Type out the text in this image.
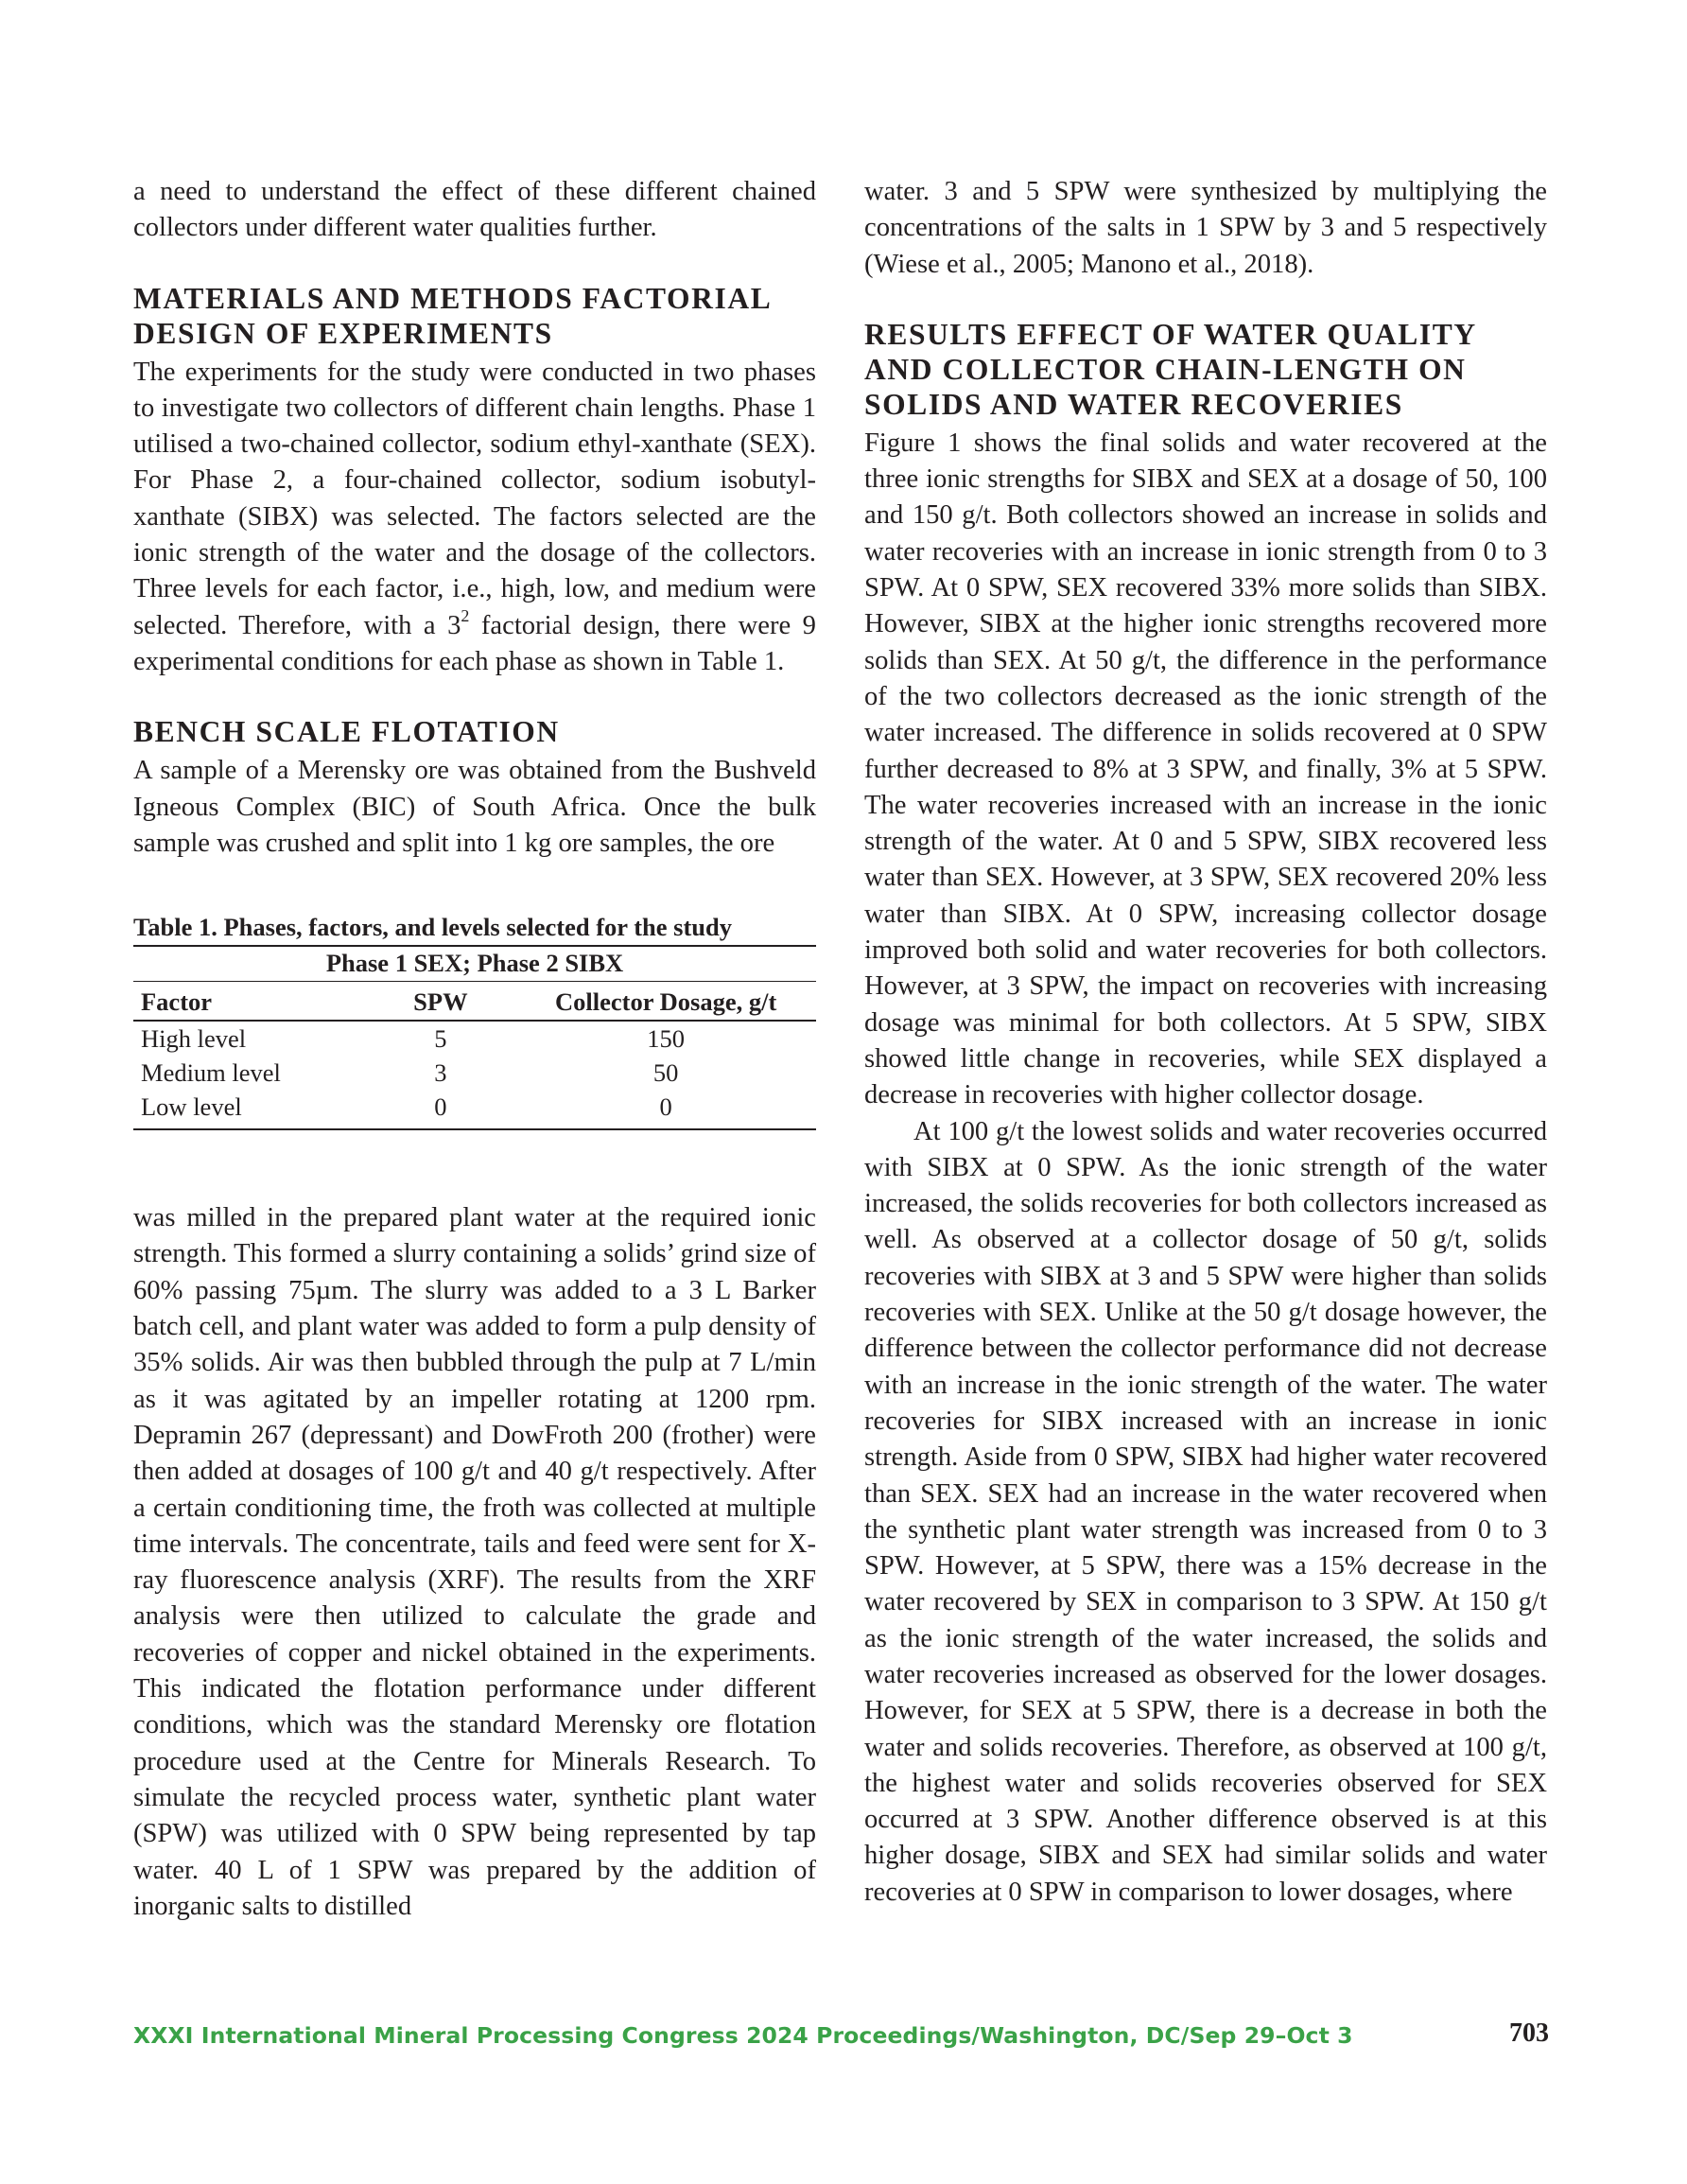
a need to understand the effect of these different chained collectors under different water qualities further.

MATERIALS AND METHODS FACTORIAL DESIGN OF EXPERIMENTS

The experiments for the study were conducted in two phases to investigate two collectors of different chain lengths. Phase 1 utilised a two-chained collector, sodium ethyl-xanthate (SEX). For Phase 2, a four-chained collector, sodium isobutyl-xanthate (SIBX) was selected. The factors selected are the ionic strength of the water and the dosage of the collectors. Three levels for each factor, i.e., high, low, and medium were selected. Therefore, with a $3^2$ factorial design, there were 9 experimental conditions for each phase as shown in Table 1.

BENCH SCALE FLOTATION

A sample of a Merensky ore was obtained from the Bushveld Igneous Complex (BIC) of South Africa. Once the bulk sample was crushed and split into 1 kg ore samples, the ore

Table 1. Phases, factors, and levels selected for the study
Phase 1 SEX; Phase 2 SIBX		
Factor	SPW	Collector Dosage, g/t
High level	5	150
Medium level	3	50
Low level	0	0

was milled in the prepared plant water at the required ionic strength. This formed a slurry containing a solids’ grind size of 60% passing 75µm. The slurry was added to a 3 L Barker batch cell, and plant water was added to form a pulp density of 35% solids. Air was then bubbled through the pulp at 7 L/min as it was agitated by an impeller rotating at 1200 rpm. Depramin 267 (depressant) and DowFroth 200 (frother) were then added at dosages of 100 g/t and 40 g/t respectively. After a certain conditioning time, the froth was collected at multiple time intervals. The concentrate, tails and feed were sent for X-ray fluorescence analysis (XRF). The results from the XRF analysis were then utilized to calculate the grade and recoveries of copper and nickel obtained in the experiments. This indicated the flotation performance under different conditions, which was the standard Merensky ore flotation procedure used at the Centre for Minerals Research. To simulate the recycled process water, synthetic plant water (SPW) was utilized with 0 SPW being represented by tap water. 40 L of 1 SPW was prepared by the addition of inorganic salts to distilled

water. 3 and 5 SPW were synthesized by multiplying the concentrations of the salts in 1 SPW by 3 and 5 respectively (Wiese et al., 2005; Manono et al., 2018).

RESULTS EFFECT OF WATER QUALITY AND COLLECTOR CHAIN-LENGTH ON SOLIDS AND WATER RECOVERIES

Figure 1 shows the final solids and water recovered at the three ionic strengths for SIBX and SEX at a dosage of 50, 100 and 150 g/t. Both collectors showed an increase in solids and water recoveries with an increase in ionic strength from 0 to 3 SPW. At 0 SPW, SEX recovered 33% more solids than SIBX. However, SIBX at the higher ionic strengths recovered more solids than SEX. At 50 g/t, the difference in the performance of the two collectors decreased as the ionic strength of the water increased. The difference in solids recovered at 0 SPW further decreased to 8% at 3 SPW, and finally, 3% at 5 SPW. The water recoveries increased with an increase in the ionic strength of the water. At 0 and 5 SPW, SIBX recovered less water than SEX. However, at 3 SPW, SEX recovered 20% less water than SIBX. At 0 SPW, increasing collector dosage improved both solid and water recoveries for both collectors. However, at 3 SPW, the impact on recoveries with increasing dosage was minimal for both collectors. At 5 SPW, SIBX showed little change in recoveries, while SEX displayed a decrease in recoveries with higher collector dosage.

At 100 g/t the lowest solids and water recoveries occurred with SIBX at 0 SPW. As the ionic strength of the water increased, the solids recoveries for both collectors increased as well. As observed at a collector dosage of 50 g/t, solids recoveries with SIBX at 3 and 5 SPW were higher than solids recoveries with SEX. Unlike at the 50 g/t dosage however, the difference between the collector performance did not decrease with an increase in the ionic strength of the water. The water recoveries for SIBX increased with an increase in ionic strength. Aside from 0 SPW, SIBX had higher water recovered than SEX. SEX had an increase in the water recovered when the synthetic plant water strength was increased from 0 to 3 SPW. However, at 5 SPW, there was a 15% decrease in the water recovered by SEX in comparison to 3 SPW. At 150 g/t as the ionic strength of the water increased, the solids and water recoveries increased as observed for the lower dosages. However, for SEX at 5 SPW, there is a decrease in both the water and solids recoveries. Therefore, as observed at 100 g/t, the highest water and solids recoveries observed for SEX occurred at 3 SPW. Another difference observed is at this higher dosage, SIBX and SEX had similar solids and water recoveries at 0 SPW in comparison to lower dosages, where

XXXI International Mineral Processing Congress 2024 Proceedings/Washington, DC/Sep 29–Oct 3	703
